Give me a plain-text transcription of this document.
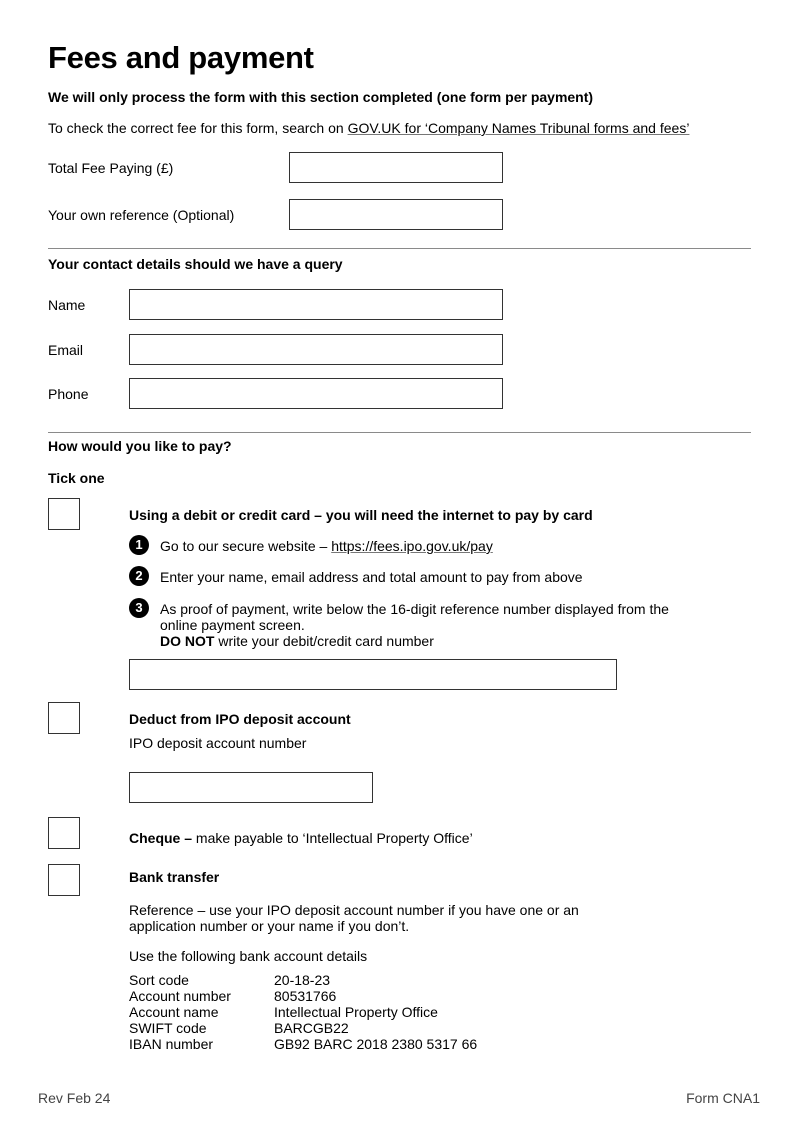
Fees and payment
We will only process the form with this section completed (one form per payment)
To check the correct fee for this form, search on GOV.UK for ‘Company Names Tribunal forms and fees’
Total Fee Paying (£)
Your own reference (Optional)
Your contact details should we have a query
Name
Email
Phone
How would you like to pay?
Tick one
Using a debit or credit card – you will need the internet to pay by card
1	Go to our secure website – https://fees.ipo.gov.uk/pay
2	Enter your name, email address and total amount to pay from above
3	As proof of payment, write below the 16-digit reference number displayed from the
online payment screen.
DO NOT write your debit/credit card number
Deduct from IPO deposit account
IPO deposit account number
Cheque – make payable to ‘Intellectual Property Office’
Bank transfer
Reference – use your IPO deposit account number if you have one or an
application number or your name if you don’t.
Use the following bank account details
Sort code	20-18-23
Account number	80531766
Account name	Intellectual Property Office
SWIFT code	BARCGB22
IBAN number	GB92 BARC 2018 2380 5317 66
Rev Feb 24	Form CNA1
